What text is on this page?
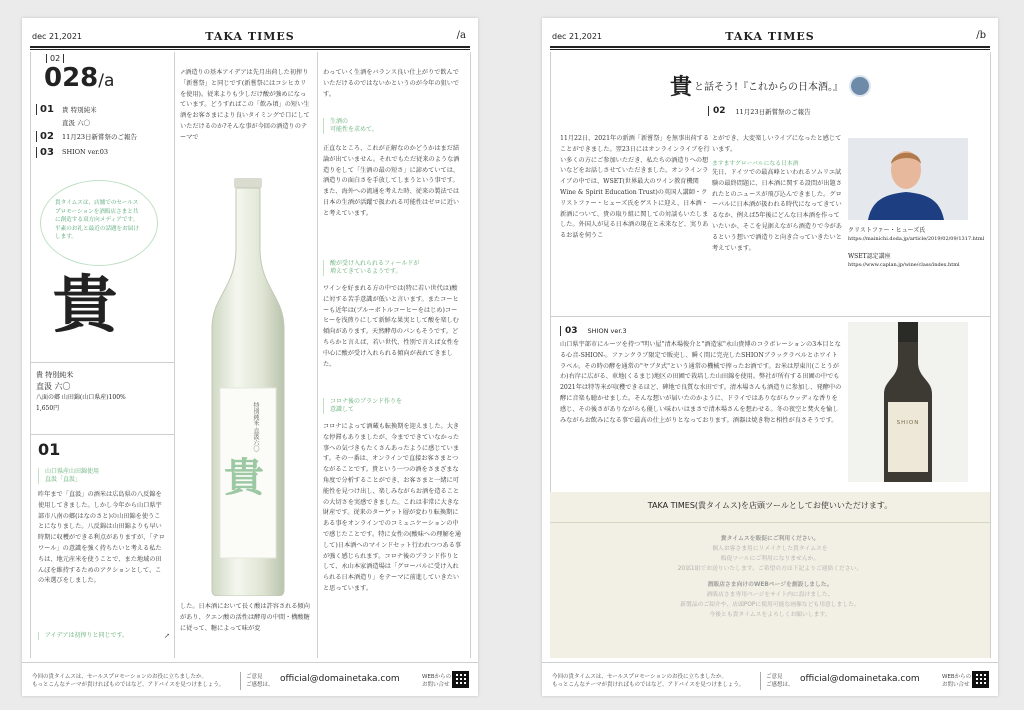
dec 21,2021	TAKA TIMES	/a
02
028/a
01	貴 特別純米
直汲 六〇
02	11月23日新嘗祭のご報告
03	SHION ver.03
貴タイムスは、店舗でのセールスプロモーションを酒販店さまと共に創造する双方向メディアです。平素のお礼と最近の話題をお届けします。
貴
貴 特別純米
直汲 六〇
八面の郷 山田錦(山口県産)100%
1,650円
01
山口県産山田錦使用
直汲「直汲」
昨年まで「直汲」の酒米は広島県の八反錦を使用してきました。しかし今年から山口県宇部市八南の郷(はなのさと)の山田錦を使うことになりました。八反錦は山田錦よりも早い時期に収穫ができる利点がありますが、「テロワール」の意識を強く持ちたいと考える私たちは、地元産米を使うことで、また地域の田んぼを維持するためのアクションとして、この米選びをしました。
アイデアは初搾りと同じです。	↗
↗酒造りの基本アイデアは先月出荷した初搾り「新嘗祭」と同じです(新嘗祭にはコシヒカリを使用)。従来よりも少しだけ酸が強めになっています。どうすればこの「飲み頃」の短い生酒をお客さまにより良いタイミングで口にしていただけるのか?そんな事が今回の酒造りのテーマで
特別純米 直汲六〇
貴
した。日本酒において長く酸は許容される傾向があり、クエン酸の活性は酵母の中間・構酸糖に従って、糖によって味が変
わっていく生酒をバランス良い仕上がりで飲んでいただけるのではないかというのが今年の狙いです。
生酒の
可能性を求めて。
正直なところ、これが正解なのかどうかはまだ結論が出ていません。それでもただ従来のような酒造りをして「生酒の最の短さ」に諦めていては、酒造りの面白さを手放してしまうという事です。また、海外への流通を考えた時、従来の製法では日本の生酒が活躍で扱われる可能性はゼロに近いと考えています。
酸が受け入れられるフィールドが
増えてきているようです。
ワインを好まれる方の中では(特に若い世代は)酸に対する苦手意識が低いと言います。またコーヒーも近年は(ブルーボトルコーヒーをはじめ)コーヒーを浅煎りにして新鮮な果実として酸を楽しむ傾向があります。天然酵母のパンもそうです。どちらかと言えば、若い世代、性別で言えば女性を中心に酸が受け入れられる傾向が表れてきました。
コロナ後のブランド作りを
意識して
コロナによって酒蔵も転換期を迎えました。大きな停滞もありましたが、今までできていなかった事への気づきもたくさんあったように感じています。その一番は、オンラインで直接お客さまとつながることです。貴という一つの酒をさまざまな角度で分析することができ、お客さまと一緒に可能性を見つけ出し、楽しみながらお酒を造ることの大切さを実感できました。これは非常に大きな財産です。従来のターゲット層が変わり転換期にある事をオンラインでのコミュニケーションの中で感じたことです。特に女性の(酸味への理解を通して)日本酒へのマインドセット行われつつある事が強く感じられます。コロナ後のブランド作りとして、永山本家酒造場は「グローバルに受け入れられる日本酒造り」をテーマに前進していきたいと思っています。
今回の貴タイムスは、セールスプロモーションのお役に立ちましたか。
もっとこんなテーマが貴ければものではなど、アドバイスを見つけましょう。
ご意見
ご感想は、
official@domainetaka.com	WEBからの
お問い合せ
dec 21,2021	TAKA TIMES	/b
貴 と話そう!『これからの日本酒。』
02	11月23日新嘗祭のご報告
11月22日、2021年の新酒「新嘗祭」を無事出荷することができました。翌23日にはオンラインライブを行い多くの方にご参加いただき、私たちの酒造りへの想いなどをお話しさせていただきました。オンラインライブの中では、WSET(世界最大のワイン教育機関Wine & Spirit Education Trust)の英国人講師・クリストファー・ヒューズ氏をゲストに迎え、日本酒・新酒について、貴の取り組に関しての対談もいたしました。外国人が見る日本酒の現在と未来など、実りあるお話を伺うこ
とができ、大変楽しいライブになったと感じています。
ますますグローバルになる日本酒
先日、ドイツでの最高峰といわれるソムリエ試験の最終問題に、日本酒に関する設問が出題されたとのニュースが飛び込んできました。グローバルに日本酒が扱われる時代になってきているなか、例えば5年後にどんな日本酒を作っていたいか、そこを見据えながら酒造りで今があるという想いで酒造りと向き合っていきたいと考えています。
クリストファー・ヒューズ氏
https://mainichi.doda.jp/article/2019/02/09/1317.html
WSET認定講座
https://www.caplan.jp/wine/class/index.html
03	SHION ver.3
山口県宇部市にルーツを持つ"明い屋"清木場俊介と"酒造家"永山貴博のコラボレーションの3本目となる心音-SHION-。ファンクラブ限定で販売し、瞬く間に完売したSHIONブラックラベルとホワイトラベル。その時の酵を通常の"ヤブタ式"という通常の機械で搾ったお酒です。お米は厚東川(ことうがわ)右岸に広がる、車地(くるまじ)地区の田圃で栽培した山田錦を使用。弊社が所有する田圃の中でも2021年は特等米が収穫できるほど、碑地で良質な水田です。清木場さんも酒造りに参加し、発酵中の酵に音楽も聴かせました。そんな想いが届いたのかように、ドライではありながらウッディな香りを感じ、その後さがありながらも優しい味わいはまさで清木場さんを想わせる。冬の夜空と焚火を愉しみながらお飲みになる事で最高の仕上がりとなっております。酒器は焼き物と相性が良さそうです。	SHION
TAKA TIMES(貴タイムス)を店頭ツールとしてお使いいただけます。
貴タイムスを販促にご利用ください。
個人お客さま用にリメイクした貴タイムスを
販促ツールにご利用になりませんか。
20部1組でお送りいたします。ご希望の方は下記よりご連絡ください。
酒販店さま向けのWEBページを創設しました。
酒販店さま専用ページをサイト内に設けました。
新製品のご紹介や、店頭POPに使用可能な画像なども用意しました。
今後とも貴タイムスをよろしくお願いします。
今回の貴タイムスは、セールスプロモーションのお役に立ちましたか。
もっとこんなテーマが貴ければものではなど、アドバイスを見つけましょう。
ご意見
ご感想は、
official@domainetaka.com	WEBからの
お問い合せ
